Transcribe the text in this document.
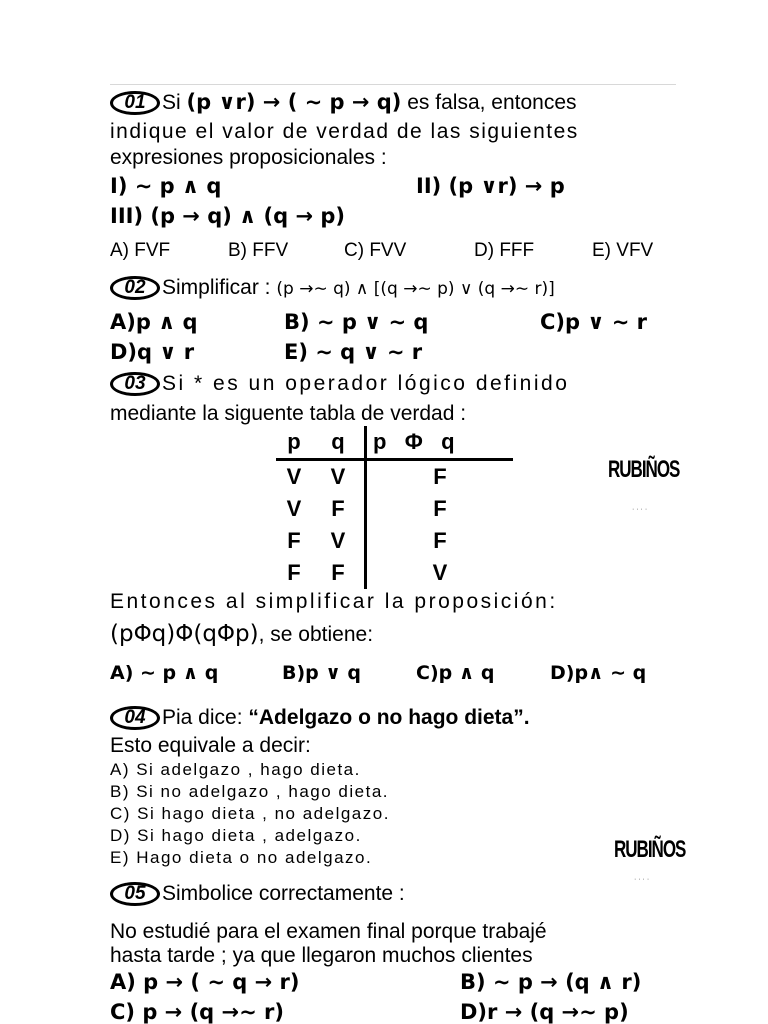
01 Si (p ∨r) → ( ∼ p → q) es falsa, entonces
indique el valor de verdad de las siguientes
expresiones proposicionales :
I) ∼ p ∧ q	II) (p ∨r) → p
III) (p → q) ∧ (q → p)
A) FVF	B) FFV	C) FVV	D) FFF	E) VFV
02 Simplificar : (p →∼ q) ∧ [(q →∼ p) ∨ (q →∼ r)]
A)p ∧ q	B) ∼ p ∨ ∼ q	C)p ∨ ∼ r
D)q ∨ r	E) ∼ q ∨ ∼ r
03 Si * es un operador lógico definido
mediante la siguente tabla de verdad :
p	q	p   Φ   q
V	V	F
V	F	F
F	V	F
F	F	V
RUBIÑOS
· · · ·
Entonces al simplificar la proposición:
(pΦq)Φ(qΦp), se obtiene:
A) ∼ p ∧ q	B)p ∨ q	C)p ∧ q	D)p∧ ∼ q
04 Pia dice: “Adelgazo o no hago dieta”.
Esto equivale a decir:
A) Si adelgazo , hago dieta.
B) Si no adelgazo , hago dieta.
C) Si hago dieta , no adelgazo.
D) Si hago dieta , adelgazo.
E) Hago dieta o no adelgazo.	RUBIÑOS
· · · ·
05 Simbolice correctamente :
No estudié para el examen final porque trabajé
hasta tarde ; ya que llegaron muchos clientes
A) p → ( ∼ q → r)	B) ∼ p → (q ∧ r)
C) p → (q →∼ r)	D)r → (q →∼ p)
